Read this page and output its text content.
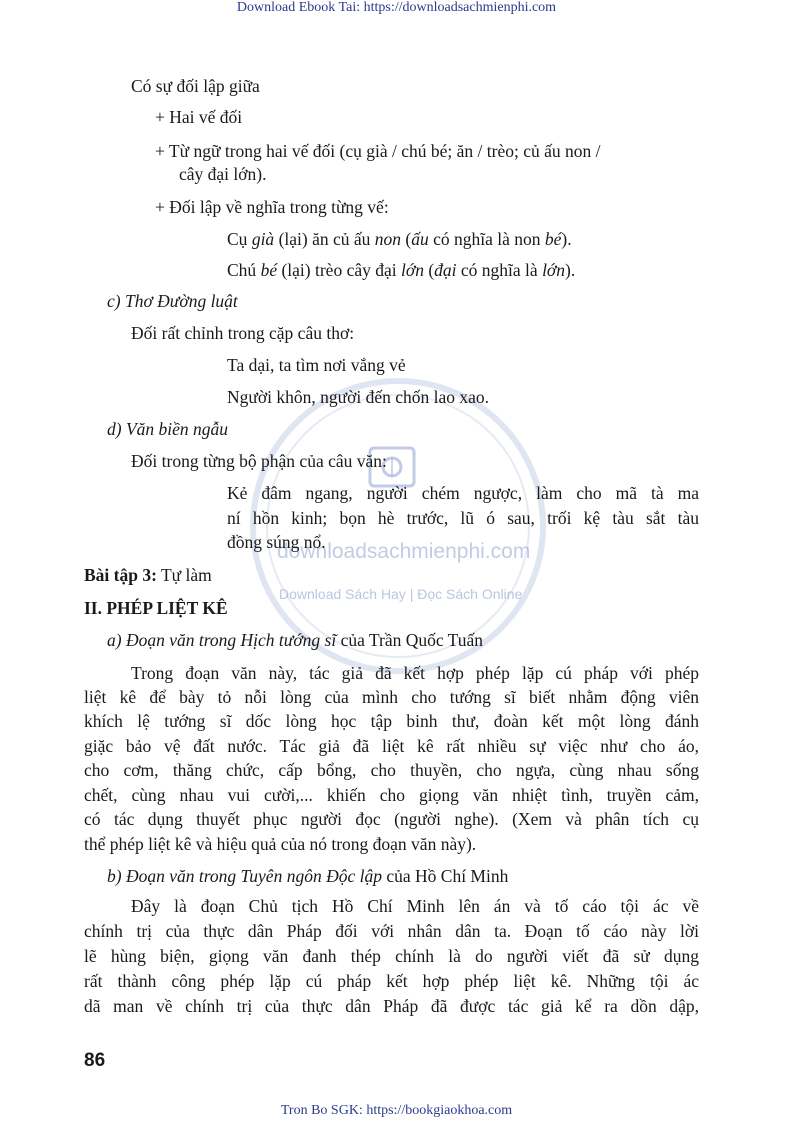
Download Ebook Tai: https://downloadsachmienphi.com
Tron Bo SGK: https://bookgiaokhoa.com
downloadsachmienphi.com
Download Sách Hay | Đọc Sách Online
Có sự đối lập giữa
+ Hai vế đối
+ Từ ngữ trong hai vế đối (cụ già / chú bé; ăn / trèo; củ ấu non /
cây đại lớn).
+ Đối lập về nghĩa trong từng vế:
Cụ già (lại) ăn củ ấu non (ấu có nghĩa là non bé).
Chú bé (lại) trèo cây đại lớn (đại có nghĩa là lớn).
c) Thơ Đường luật
Đối rất chỉnh trong cặp câu thơ:
Ta dại, ta tìm nơi vắng vẻ
Người khôn, người đến chốn lao xao.
d) Văn biền ngẫu
Đối trong từng bộ phận của câu văn:
Kẻ đâm ngang, người chém ngược, làm cho mã tà ma
ní hồn kinh; bọn hè trước, lũ ó sau, trối kệ tàu sắt tàu
đồng súng nổ.
Bài tập 3: Tự làm
II. PHÉP LIỆT KÊ
a) Đoạn văn trong Hịch tướng sĩ của Trần Quốc Tuấn
Trong đoạn văn này, tác giả đã kết hợp phép lặp cú pháp với phép
liệt kê để bày tỏ nỗi lòng của mình cho tướng sĩ biết nhằm động viên
khích lệ tướng sĩ dốc lòng học tập binh thư, đoàn kết một lòng đánh
giặc bảo vệ đất nước. Tác giả đã liệt kê rất nhiều sự việc như cho áo,
cho cơm, thăng chức, cấp bổng, cho thuyền, cho ngựa, cùng nhau sống
chết, cùng nhau vui cười,... khiến cho giọng văn nhiệt tình, truyền cảm,
có tác dụng thuyết phục người đọc (người nghe). (Xem và phân tích cụ
thể phép liệt kê và hiệu quả của nó trong đoạn văn này).
b) Đoạn văn trong Tuyên ngôn Độc lập của Hồ Chí Minh
Đây là đoạn Chủ tịch Hồ Chí Minh lên án và tố cáo tội ác về
chính trị của thực dân Pháp đối với nhân dân ta. Đoạn tố cáo này lời
lẽ hùng biện, giọng văn đanh thép chính là do người viết đã sử dụng
rất thành công phép lặp cú pháp kết hợp phép liệt kê. Những tội ác
dã man về chính trị của thực dân Pháp đã được tác giả kể ra dồn dập,
86
